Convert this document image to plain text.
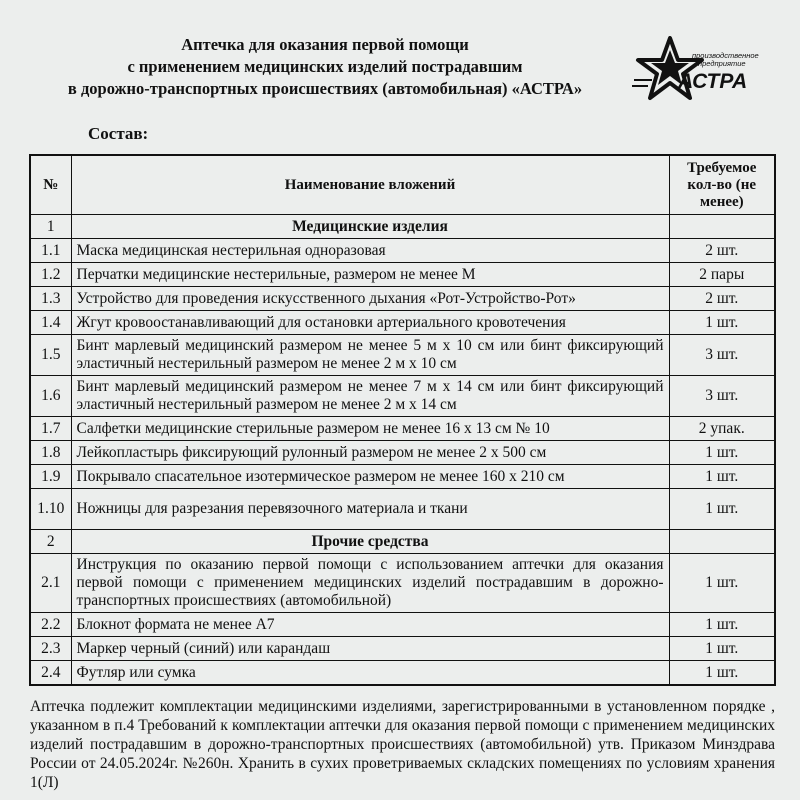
Аптечка для оказания первой помощи
с применением медицинских изделий пострадавшим
в дорожно-транспортных происшествиях (автомобильная) «АСТРА»
производственное
предприятие
АСТРА
Состав:
№	Наименование вложений	Требуемое кол-во (не менее)
1	Медицинские изделия	
1.1	Маска медицинская нестерильная одноразовая	2 шт.
1.2	Перчатки медицинские нестерильные, размером не менее М	2 пары
1.3	Устройство для проведения искусственного дыхания «Рот-Устройство-Рот»	2 шт.
1.4	Жгут кровоостанавливающий для остановки артериального кровотечения	1 шт.
1.5	Бинт марлевый медицинский размером не менее 5 м х 10 см или бинт фиксирующий эластичный нестерильный размером не менее 2 м х 10 см	3 шт.
1.6	Бинт марлевый медицинский размером не менее 7 м х 14 см или бинт фиксирующий эластичный нестерильный размером не менее 2 м х 14 см	3 шт.
1.7	Салфетки медицинские стерильные размером не менее 16 х 13 см № 10	2 упак.
1.8	Лейкопластырь фиксирующий рулонный размером не менее 2 х 500 см	1 шт.
1.9	Покрывало спасательное изотермическое размером не менее 160 х 210 см	1 шт.
1.10	Ножницы для разрезания перевязочного материала и ткани	1 шт.
2	Прочие средства	
2.1	Инструкция по оказанию первой помощи с использованием аптечки для оказания первой помощи с применением медицинских изделий пострадавшим в дорожно-транспортных происшествиях (автомобильной)	1 шт.
2.2	Блокнот формата не менее А7	1 шт.
2.3	Маркер черный (синий) или карандаш	1 шт.
2.4	Футляр или сумка	1 шт.
Аптечка подлежит комплектации медицинскими изделиями, зарегистрированными в установленном порядке , указанном в п.4 Требований к комплектации аптечки для оказания первой помощи с применением медицинских изделий пострадавшим в дорожно-транспортных происшествиях (автомобильной) утв. Приказом Минздрава России от 24.05.2024г. №260н. Хранить в сухих проветриваемых складских помещениях по условиям хранения 1(Л)
